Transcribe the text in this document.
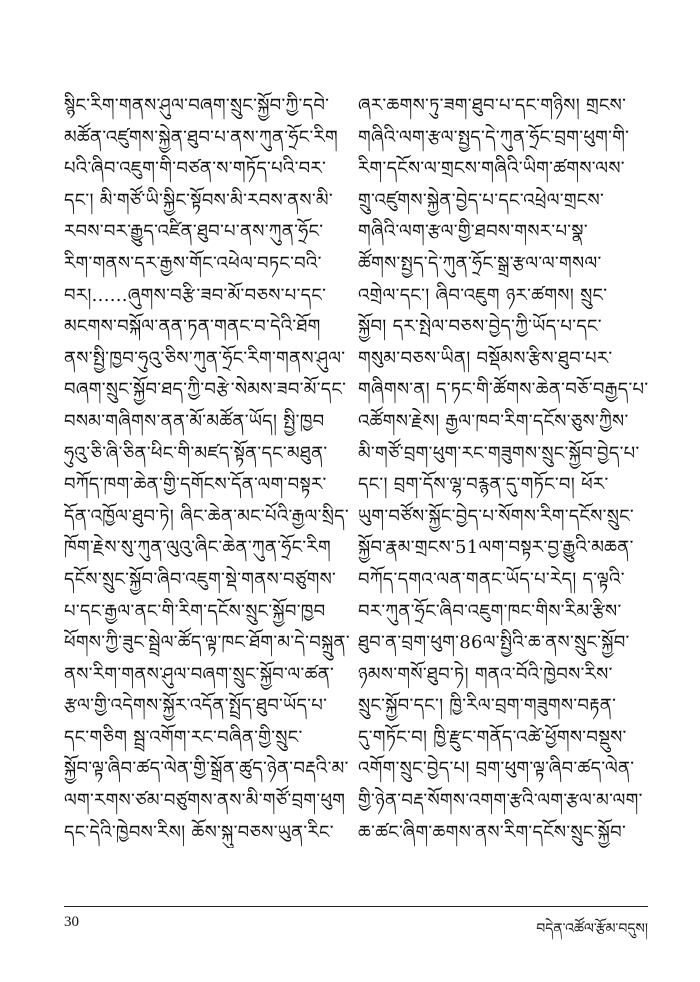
སྙིང་རིག་གནས་ཤུལ་བཞག་སྲུང་སྐྱོབ་ཀྱི་དབེ་
མཚོན་འཛུགས་སྐྱེན་ཐུབ་པ་ནས་ཀུན་ཧྲོང་རིག
པའི་ཞིབ་འཇུག་གི་བཙན་ས་གཏོད་པའི་བར་
དང་། མི་གཙོ་ཡི་སྐྱིང་སྟོབས་མི་རབས་ནས་མི་
རབས་བར་རྒྱུད་འཛིན་ཐུབ་པ་ནས་ཀུན་ཧྲོང་
རིག་གནས་དར་རྒྱས་གོང་འཕེལ་བཏང་བའི་
བར།......ཞུགས་བརྩི་ཟབ་མོ་བཅས་པ་དང་
མངགས་བསྐོལ་ནན་ཏན་གནང་བ་དེའི་ཐོག
ནས་སྤྱི་ཁྱབ་ཧུའུ་ཅིས་ཀུན་ཧྲོང་རིག་གནས་ཤུལ་
བཞག་སྲུང་སྐྱོབ་ཐད་ཀྱི་བརྩེ་སེམས་ཟབ་མོ་དང་
བསམ་གཞིགས་ནན་མོ་མཚོན་ཡོད། སྤྱི་ཁྱབ
ཧུའུ་ཅི་ཞི་ཅིན་ཕིང་གི་མཛད་སྟོན་དང་མཐུན་
བཀོད་ཁག་ཆེན་གྱི་དགོངས་དོན་ལག་བསྟར་
དོན་འཁྱོལ་ཐུབ་ཏེ། ཞིང་ཆེན་མང་པོའི་རྒྱལ་སྲིད་
ཁོག་རྗེས་སུ་ཀུན་ལུའུ་ཞིང་ཆེན་ཀུན་ཧྲོང་རིག
དངོས་སྲུང་སྐྱོབ་ཞིབ་འཇུག་སྡེ་གནས་བཙུགས་
པ་དང་རྒྱལ་ནང་གི་རིག་དངོས་སྲུང་སྐྱོབ་ཁྱབ
ཕོགས་ཀྱི་ཟུང་སྦྲེལ་ཚོད་ལྟ་ཁང་ཐོག་མ་དེ་བསྐྲུན་
ནས་རིག་གནས་ཤུལ་བཞག་སྲུང་སྐྱོབ་ལ་ཚན་
རྩལ་གྱི་འདེགས་སྐྱོར་འདོན་སྤྲོད་ཐུབ་ཡོད་པ་
དང་གཅིག སྦྲ་འགོག་རང་བཞིན་གྱི་སྲུང་
སྐྱོབ་ལྟ་ཞིབ་ཚད་ལེན་གྱི་སྒྲོན་ཚུད་ཉེན་བརྡའི་མ་
ལག་རགས་ཙམ་བཙུགས་ནས་མི་གཙོ་བྲག་ཕུག
དང་དེའི་ཁྱེབས་རིས། ཆོས་སྐུ་བཅས་ཡུན་རིང་
ཞར་ཆགས་ཏུ་ཟག་ཐུབ་པ་དང་གཉིས། གྲངས་
གཞིའི་ལག་རྩལ་སྤྱད་དེ་ཀུན་ཧྲོང་བྲག་ཕུག་གི་
རིག་དངོས་ལ་གྲངས་གཞིའི་ཡིག་ཚགས་ལས་
གྲུ་འཛུགས་སྐྱེན་བྱེད་པ་དང་འཕྲེལ་གྲངས་
གཞིའི་ལག་རྩལ་གྱི་ཐབས་གསར་པ་སྣ་
ཚོགས་སྤྱད་དེ་ཀུན་ཧྲོང་སྒྲ་རྩལ་ལ་གསལ་
འགྲེལ་དང་། ཞིབ་འཇུག ཉར་ཚགས། སྲུང་
སྐྱོབ། དར་སྤེལ་བཅས་བྱེད་ཀྱི་ཡོད་པ་དང་
གསུམ་བཅས་ཡིན། བསྡོམས་རྩིས་ཐུབ་པར་
གཞིགས་ན། ད་ཏང་གི་ཚོགས་ཆེན་བཅོ་བརྒྱད་པ་
འཚོགས་རྗེས། རྒྱལ་ཁབ་རིག་དངོས་ཅུས་ཀྱིས་
མི་གཙོ་བྲག་ཕུག་རང་གཟུགས་སྲུང་སྐྱོབ་བྱེད་པ་
དང་། བྲག་དོས་ལྷ་བརྙན་དུ་གཏོང་བ། ཕོར་
ཡུག་བཙོས་སྐྱོང་བྱེད་པ་སོགས་རིག་དངོས་སྲུང་
སྐྱོབ་རྣམ་གྲངས་51ལག་བསྟར་བྱ་རྒྱུའི་མཆན་
བཀོད་དགའ་ལན་གནང་ཡོད་པ་རེད། ད་ལྟའི་
བར་ཀུན་ཧྲོང་ཞིབ་འཇུག་ཁང་གིས་རིམ་རྩིས་
ཐུབ་ན་བྲག་ཕུག་86ལ་སྤྱིའི་ཆ་ནས་སྲུང་སྐྱོབ་
ཉམས་གསོ་ཐུབ་ཏེ། གནའ་བོའི་ཁྱེབས་རིས་
སྲུང་སྐྱོབ་དང་། ཁྱི་རིལ་བྲག་གཟུགས་བརྟན་
དུ་གཏོང་བ། ཁྱི་རྫུང་གནོད་འཚེ་ཕྱོགས་བསྡུས་
འགོག་སྲུང་བྱེད་པ། བྲག་ཕུག་ལྟ་ཞིབ་ཚད་ལེན་
གྱི་ཉེན་བརྡ་སོགས་འགག་རྩའི་ལག་རྩལ་མ་ལག་
ཆ་ཚང་ཞིག་ཆགས་ནས་རིག་དངོས་སྲུང་སྐྱོབ་
30	བདེན་འཚོལ་རྩོམ་བདུས།
